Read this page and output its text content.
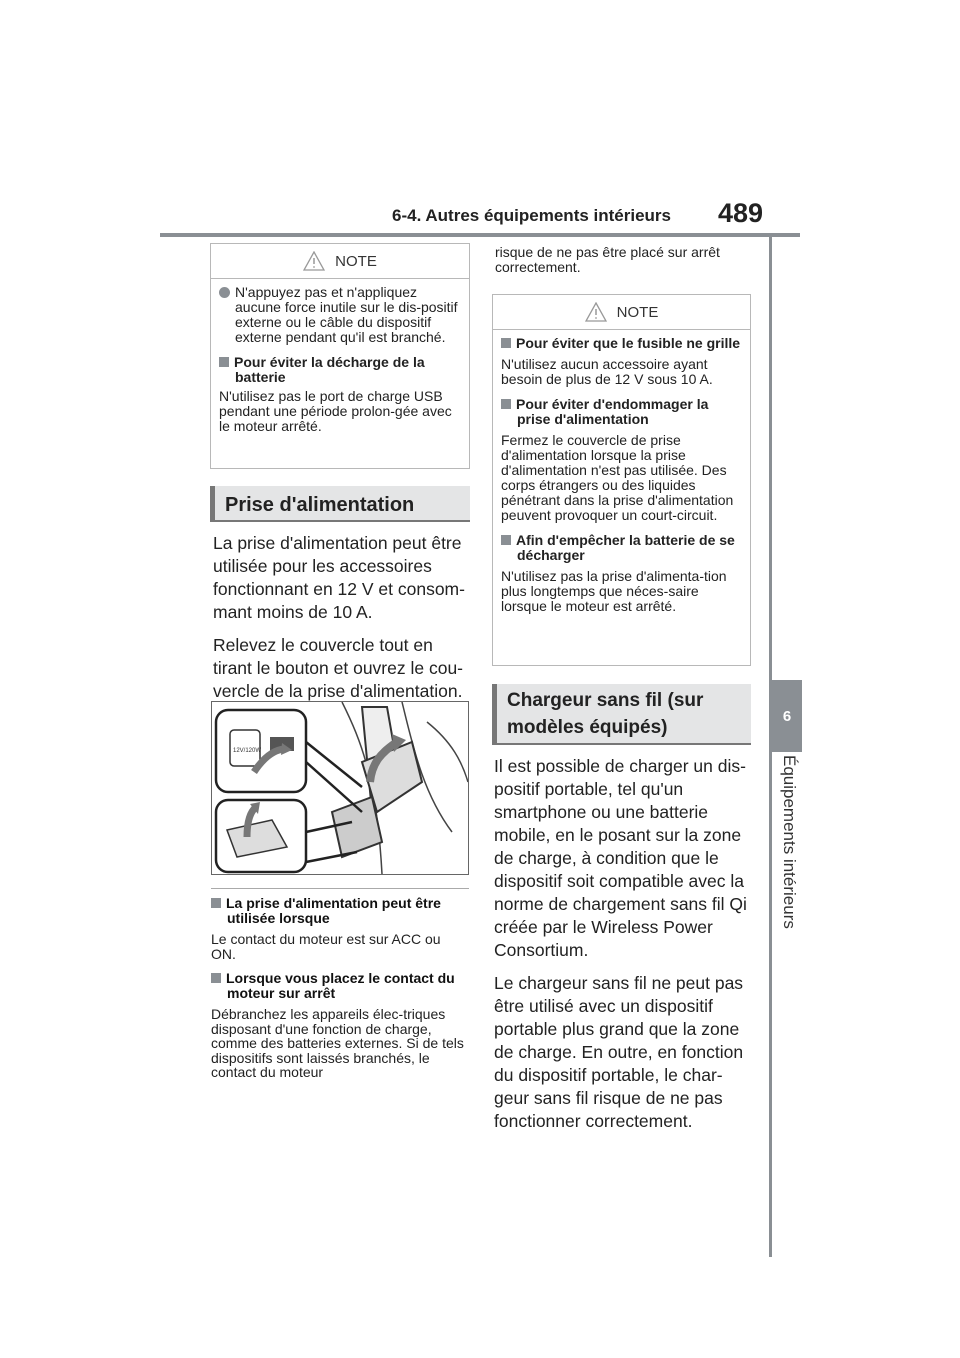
6-4. Autres équipements intérieurs 489
6
Équipements intérieurs
NOTE

N'appuyez pas et n'appliquez aucune force inutile sur le dis-positif externe ou le câble du dispositif externe pendant qu'il est branché.

Pour éviter la décharge de la batterie

N'utilisez pas le port de charge USB pendant une période prolon-gée avec le moteur arrêté.

Prise d'alimentation

La prise d'alimentation peut être utilisée pour les accessoires fonctionnant en 12 V et consom-mant moins de 10 A.

Relevez le couvercle tout en tirant le bouton et ouvrez le cou-vercle de la prise d'alimentation.

12V/120W
La prise d'alimentation peut être utilisée lorsque
Le contact du moteur est sur ACC ou ON.
Lorsque vous placez le contact du moteur sur arrêt
Débranchez les appareils élec-triques disposant d'une fonction de charge, comme des batteries externes. Si de tels dispositifs sont laissés branchés, le contact du moteur
risque de ne pas être placé sur arrêt correctement.
NOTE

Pour éviter que le fusible ne grille

N'utilisez aucun accessoire ayant besoin de plus de 12 V sous 10 A.

Pour éviter d'endommager la prise d'alimentation

Fermez le couvercle de prise d'alimentation lorsque la prise d'alimentation n'est pas utilisée. Des corps étrangers ou des liquides pénétrant dans la prise d'alimentation peuvent provoquer un court-circuit.

Afin d'empêcher la batterie de se décharger

N'utilisez pas la prise d'alimenta-tion plus longtemps que néces-saire lorsque le moteur est arrêté.

Chargeur sans fil (sur modèles équipés)

Il est possible de charger un dis-positif portable, tel qu'un smartphone ou une batterie mobile, en le posant sur la zone de charge, à condition que le dispositif soit compatible avec la norme de chargement sans fil Qi créée par le Wireless Power Consortium.

Le chargeur sans fil ne peut pas être utilisé avec un dispositif portable plus grand que la zone de charge. En outre, en fonction du dispositif portable, le char-geur sans fil risque de ne pas fonctionner correctement.
